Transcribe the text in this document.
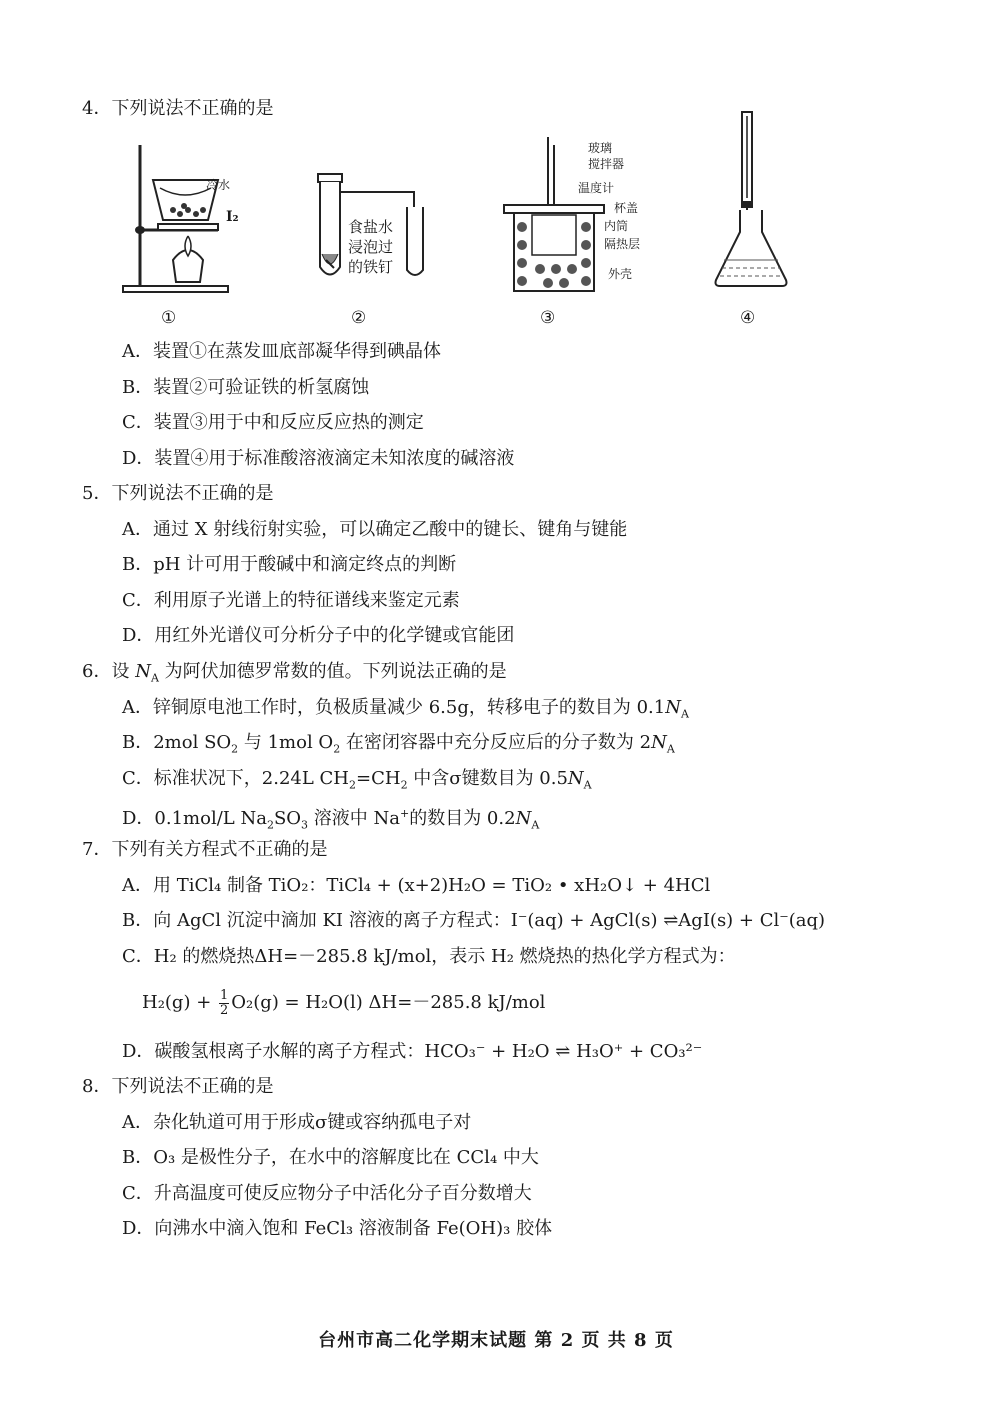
4．下列说法不正确的是
冷水
I₂
食盐水
浸泡过
的铁钉
玻璃
搅拌器
温度计
杯盖
内筒
隔热层
外壳
①	②	③	④
A．装置①在蒸发皿底部凝华得到碘晶体
B．装置②可验证铁的析氢腐蚀
C．装置③用于中和反应反应热的测定
D．装置④用于标准酸溶液滴定未知浓度的碱溶液
5．下列说法不正确的是
A．通过 X 射线衍射实验，可以确定乙酸中的键长、键角与键能
B．pH 计可用于酸碱中和滴定终点的判断
C．利用原子光谱上的特征谱线来鉴定元素
D．用红外光谱仪可分析分子中的化学键或官能团
6．设 $N_A$ 为阿伏加德罗常数的值。下列说法正确的是
A．锌铜原电池工作时，负极质量减少 6.5g，转移电子的数目为 $0.1N_A$
B．2mol $SO_2$ 与 1mol $O_2$ 在密闭容器中充分反应后的分子数为 $2N_A$
C．标准状况下，2.24L $CH_2=CH_2$ 中含σ键数目为 $0.5N_A$
D．0.1mol/L $Na_2SO_3$ 溶液中 Na+的数目为 $0.2N_A$
7．下列有关方程式不正确的是
A．用 TiCl₄ 制备 TiO₂：TiCl₄ + (x+2)H₂O = TiO₂ • xH₂O↓ + 4HCl
B．向 AgCl 沉淀中滴加 KI 溶液的离子方程式：I⁻(aq) + AgCl(s) ⇌AgI(s) + Cl⁻(aq)
C．H₂ 的燃烧热ΔH=－285.8 kJ/mol，表示 H₂ 燃烧热的热化学方程式为：
$H_2(g) + \frac{1}{2} O_2(g) = H_2O(l)$ ΔH=－285.8 kJ/mol
D．碳酸氢根离子水解的离子方程式：HCO₃⁻ + H₂O ⇌ H₃O⁺ + CO₃²⁻
8．下列说法不正确的是
A．杂化轨道可用于形成σ键或容纳孤电子对
B．O₃ 是极性分子，在水中的溶解度比在 CCl₄ 中大
C．升高温度可使反应物分子中活化分子百分数增大
D．向沸水中滴入饱和 FeCl₃ 溶液制备 Fe(OH)₃ 胶体
台州市高二化学期末试题 第 2 页 共 8 页
